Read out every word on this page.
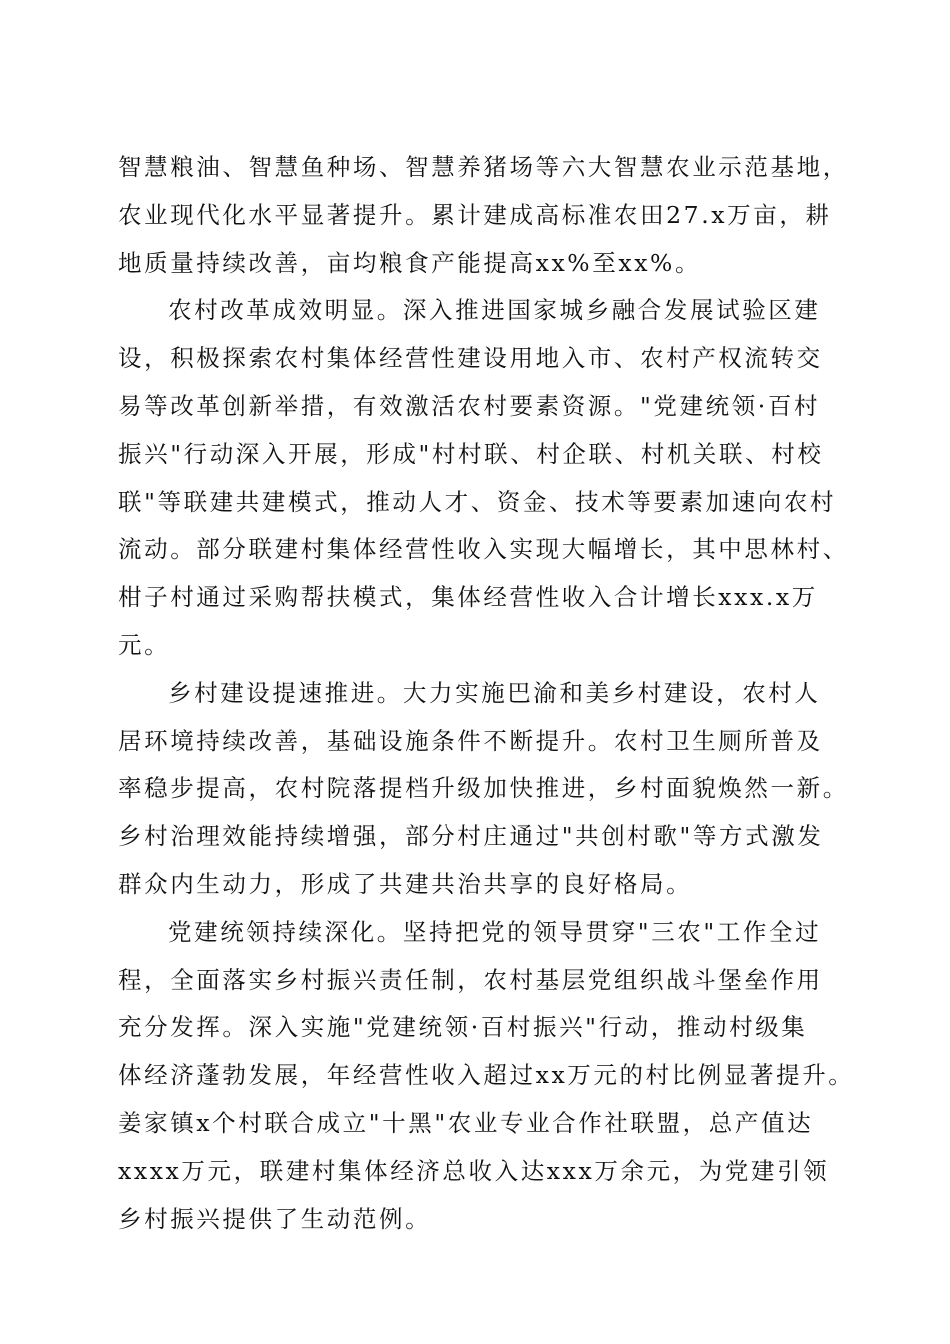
智慧粮油、智慧鱼种场、智慧养猪场等六大智慧农业示范基地，
农业现代化水平显著提升。累计建成高标准农田27.x万亩，耕
地质量持续改善，亩均粮食产能提高xx%至xx%。
农村改革成效明显。深入推进国家城乡融合发展试验区建
设，积极探索农村集体经营性建设用地入市、农村产权流转交
易等改革创新举措，有效激活农村要素资源。"党建统领·百村
振兴"行动深入开展，形成"村村联、村企联、村机关联、村校
联"等联建共建模式，推动人才、资金、技术等要素加速向农村
流动。部分联建村集体经营性收入实现大幅增长，其中思林村、
柑子村通过采购帮扶模式，集体经营性收入合计增长xxx.x万
元。
乡村建设提速推进。大力实施巴渝和美乡村建设，农村人
居环境持续改善，基础设施条件不断提升。农村卫生厕所普及
率稳步提高，农村院落提档升级加快推进，乡村面貌焕然一新。
乡村治理效能持续增强，部分村庄通过"共创村歌"等方式激发
群众内生动力，形成了共建共治共享的良好格局。
党建统领持续深化。坚持把党的领导贯穿"三农"工作全过
程，全面落实乡村振兴责任制，农村基层党组织战斗堡垒作用
充分发挥。深入实施"党建统领·百村振兴"行动，推动村级集
体经济蓬勃发展，年经营性收入超过xx万元的村比例显著提升。
姜家镇x个村联合成立"十黑"农业专业合作社联盟，总产值达
xxxx万元，联建村集体经济总收入达xxx万余元，为党建引领
乡村振兴提供了生动范例。
